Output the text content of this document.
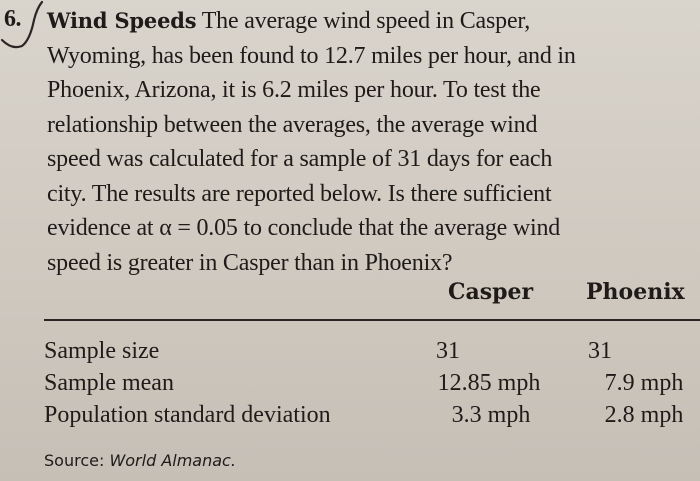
6. Wind Speeds The average wind speed in Casper,
Wyoming, has been found to 12.7 miles per hour, and in
Phoenix, Arizona, it is 6.2 miles per hour. To test the
relationship between the averages, the average wind
speed was calculated for a sample of 31 days for each
city. The results are reported below. Is there sufficient
evidence at α = 0.05 to conclude that the average wind
speed is greater in Casper than in Phoenix?
Casper Phoenix
Sample size	31	31
Sample mean	12.85 mph	7.9 mph
Population standard deviation	3.3 mph	2.8 mph
Source: World Almanac.
